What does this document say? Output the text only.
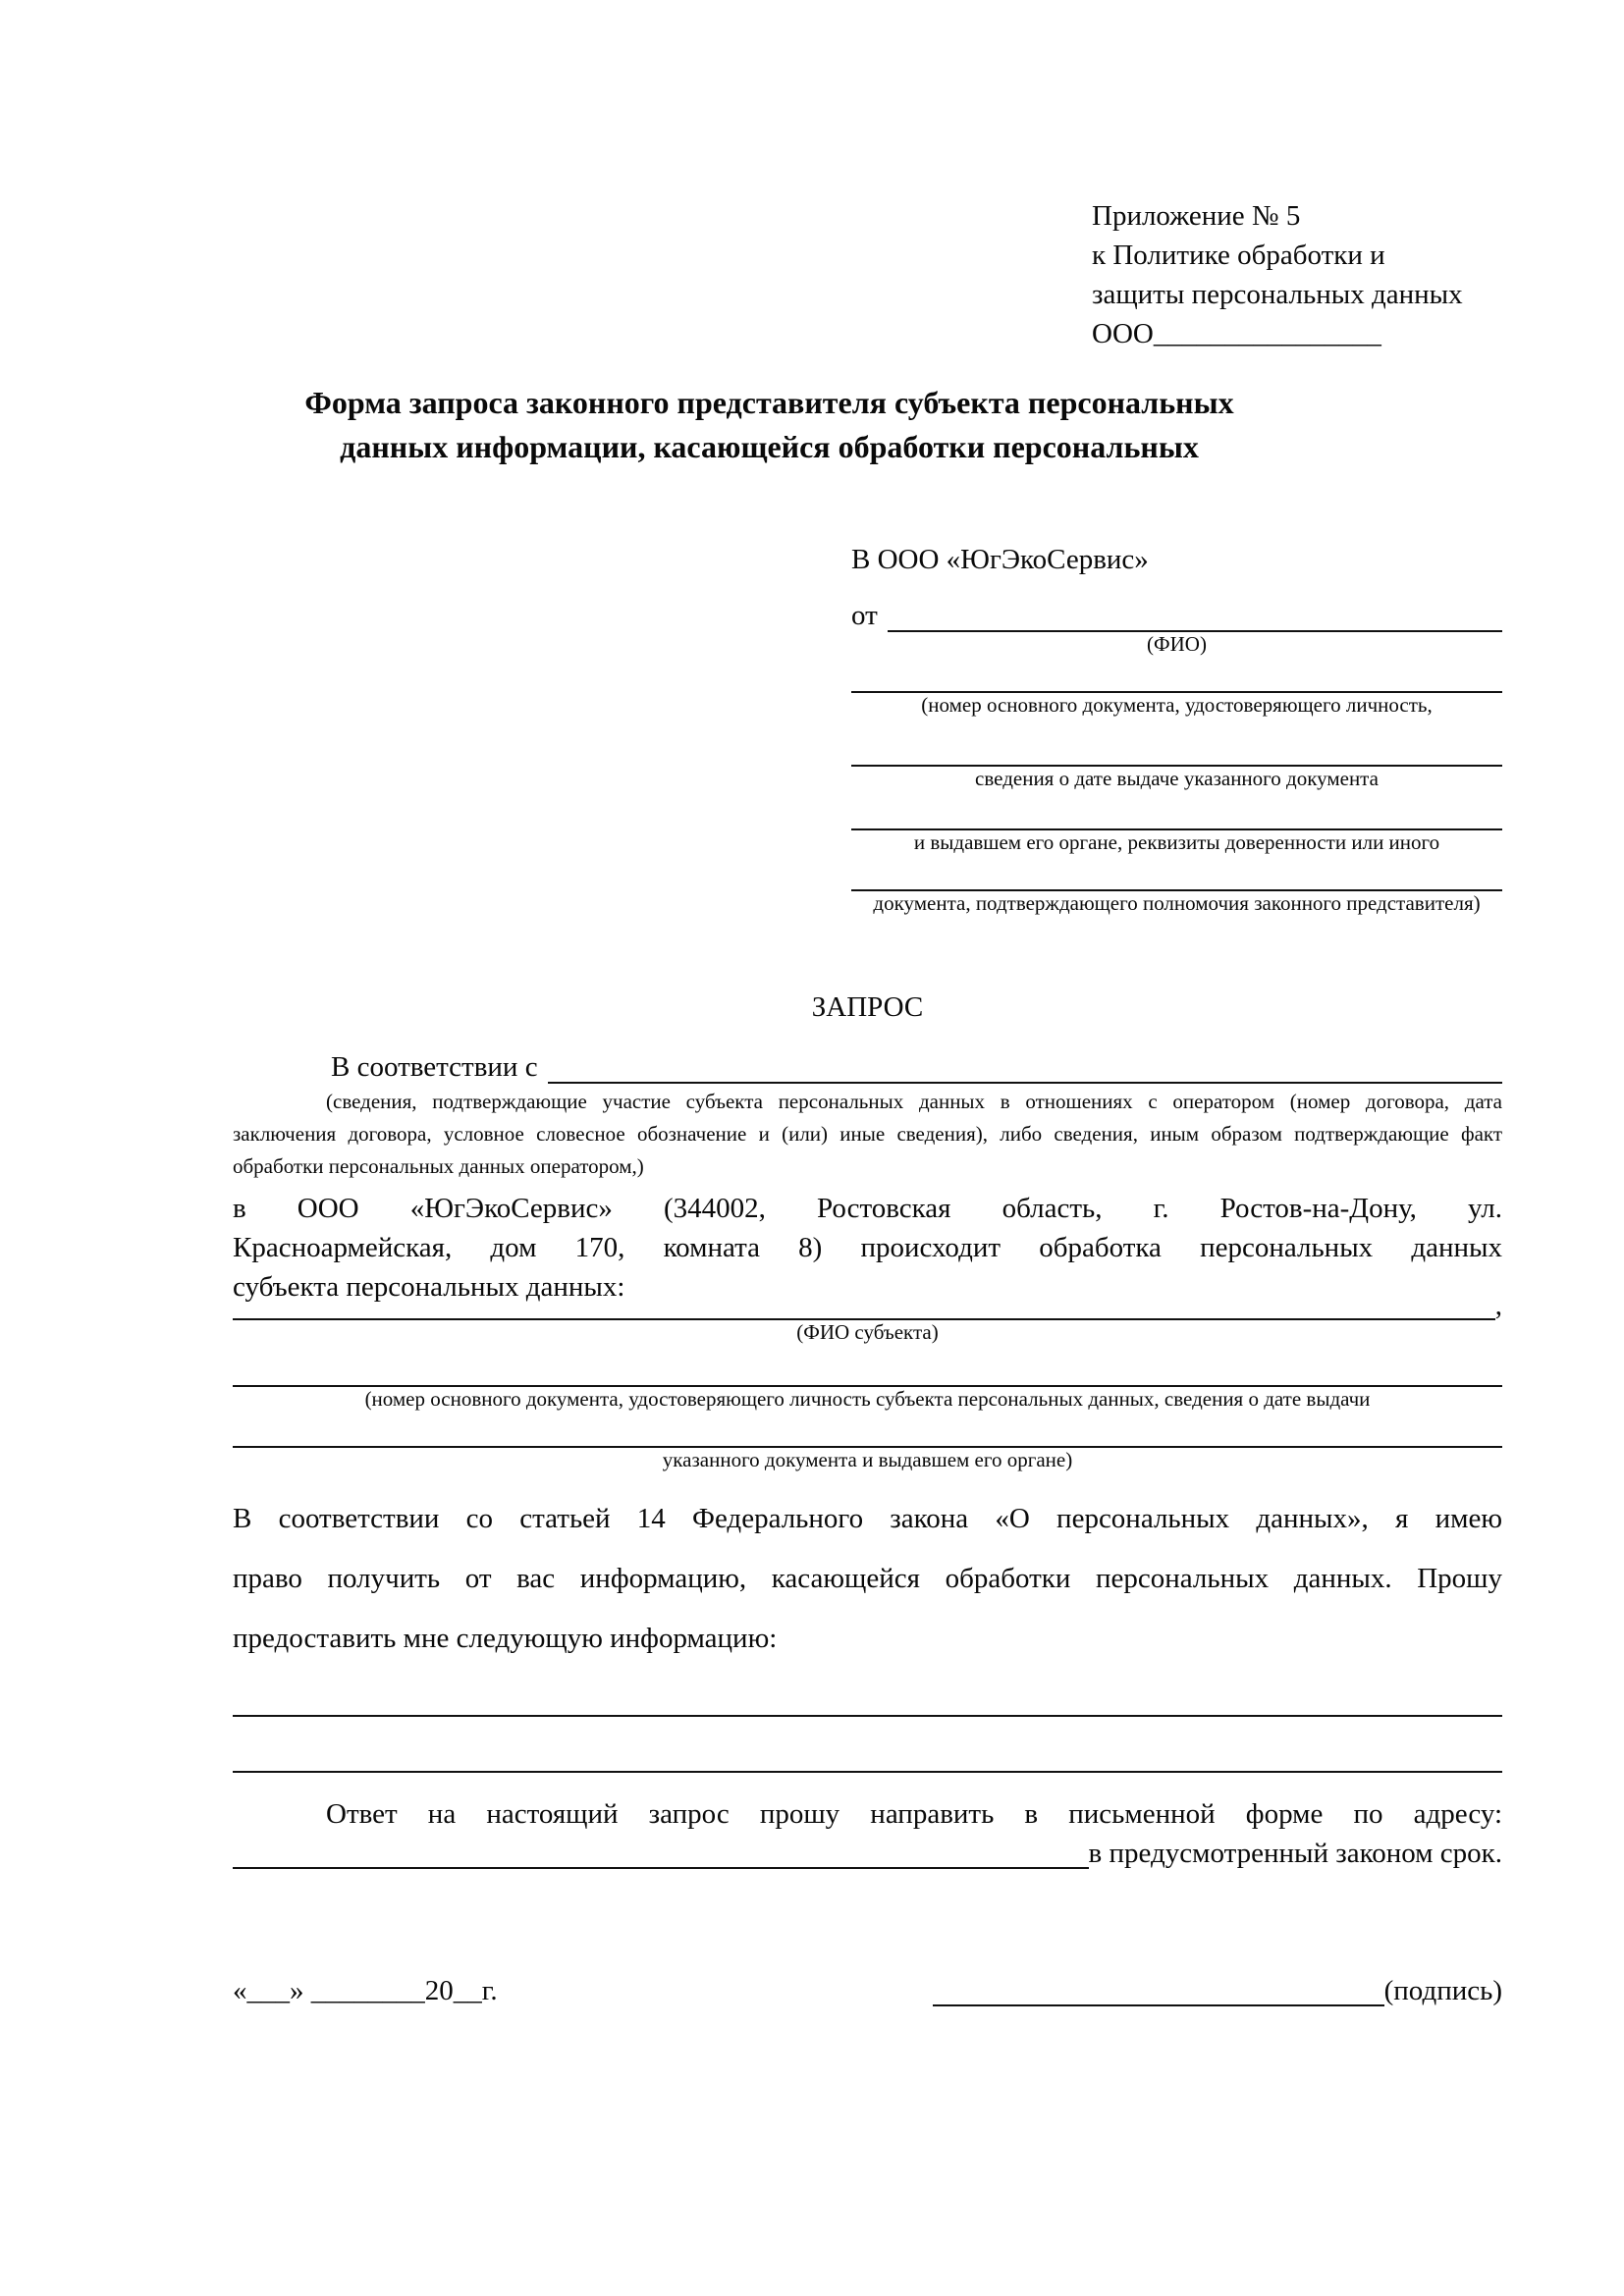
Приложение № 5
к Политике обработки и
защиты персональных данных
ООО________________
Форма запроса законного представителя субъекта персональных
данных информации, касающейся обработки персональных
В ООО «ЮгЭкоСервис»
от
(ФИО)
(номер основного документа, удостоверяющего личность,
сведения о дате выдаче указанного документа
и выдавшем его органе, реквизиты доверенности или иного
документа, подтверждающего полномочия законного представителя)
ЗАПРОС
В соответствии с
(сведения, подтверждающие участие субъекта персональных данных в отношениях с оператором (номер договора, дата
заключения договора, условное словесное обозначение и (или) иные сведения), либо сведения, иным образом подтверждающие факт
обработки персональных данных оператором,)
в ООО «ЮгЭкоСервис» (344002, Ростовская область, г. Ростов-на-Дону, ул.
Красноармейская, дом 170, комната 8) происходит обработка персональных данных
субъекта персональных данных:
,
(ФИО субъекта)
(номер основного документа, удостоверяющего личность субъекта персональных данных, сведения о дате выдачи
указанного документа и выдавшем его органе)
В соответствии со статьей 14 Федерального закона «О персональных данных», я имею
право получить от вас информацию, касающейся обработки персональных данных. Прошу
предоставить мне следующую информацию:
Ответ на настоящий запрос прошу направить в письменной форме по адресу:
в предусмотренный законом срок.
«___» ________20__г.	(подпись)
